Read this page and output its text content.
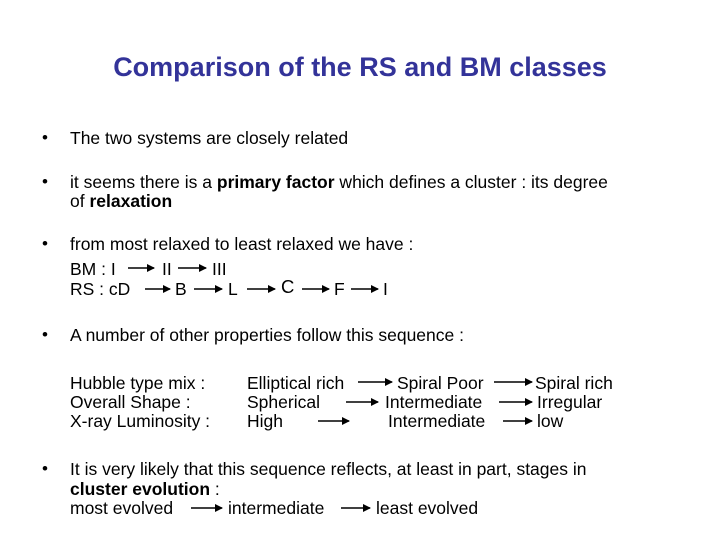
Comparison of the RS and BM classes
• The two systems are closely related
• it seems there is a primary factor which defines a cluster : its degree
of relaxation
• from most relaxed to least relaxed we have :
BM : I	II III
RS : cD	B L C F I
• A number of other properties follow this sequence :
Hubble type mix : Elliptical rich	Spiral Poor	Spiral rich
Overall Shape :	Spherical	Intermediate	Irregular
X-ray Luminosity : High	Intermediate	low
• It is very likely that this sequence reflects, at least in part, stages in
cluster evolution :
most evolved	intermediate	least evolved
